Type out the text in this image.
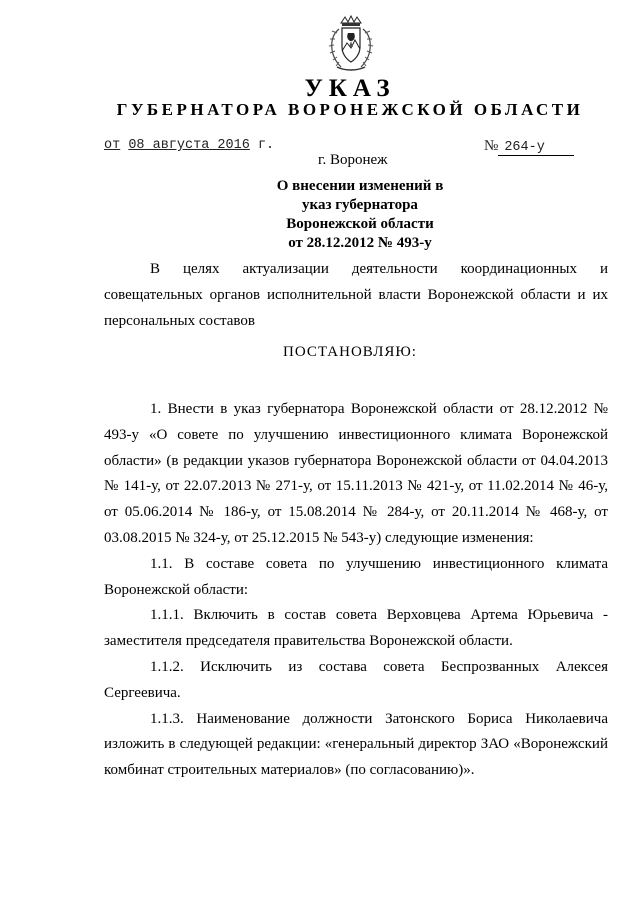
УКАЗ
ГУБЕРНАТОРА ВОРОНЕЖСКОЙ ОБЛАСТИ
от 08 августа 2016 г.	№ 264-у
г. Воронеж
О внесении изменений в
указ губернатора
Воронежской области
от 28.12.2012 № 493-у

В целях актуализации деятельности координационных и совещательных органов исполнительной власти Воронежской области и их персональных составов

ПОСТАНОВЛЯЮ:

1. Внести в указ губернатора Воронежской области от 28.12.2012 № 493-у «О совете по улучшению инвестиционного климата Воронежской области» (в редакции указов губернатора Воронежской области от 04.04.2013 № 141-у, от 22.07.2013 № 271-у, от 15.11.2013 № 421-у, от 11.02.2014 № 46-у, от 05.06.2014 № 186-у, от 15.08.2014 № 284-у, от 20.11.2014 № 468-у, от 03.08.2015 № 324-у, от 25.12.2015 № 543-у) следующие изменения:

1.1. В составе совета по улучшению инвестиционного климата Воронежской области:

1.1.1. Включить в состав совета Верховцева Артема Юрьевича - заместителя председателя правительства Воронежской области.

1.1.2. Исключить из состава совета Беспрозванных Алексея Сергеевича.

1.1.3. Наименование должности Затонского Бориса Николаевича изложить в следующей редакции: «генеральный директор ЗАО «Воронежский комбинат строительных материалов» (по согласованию)».
